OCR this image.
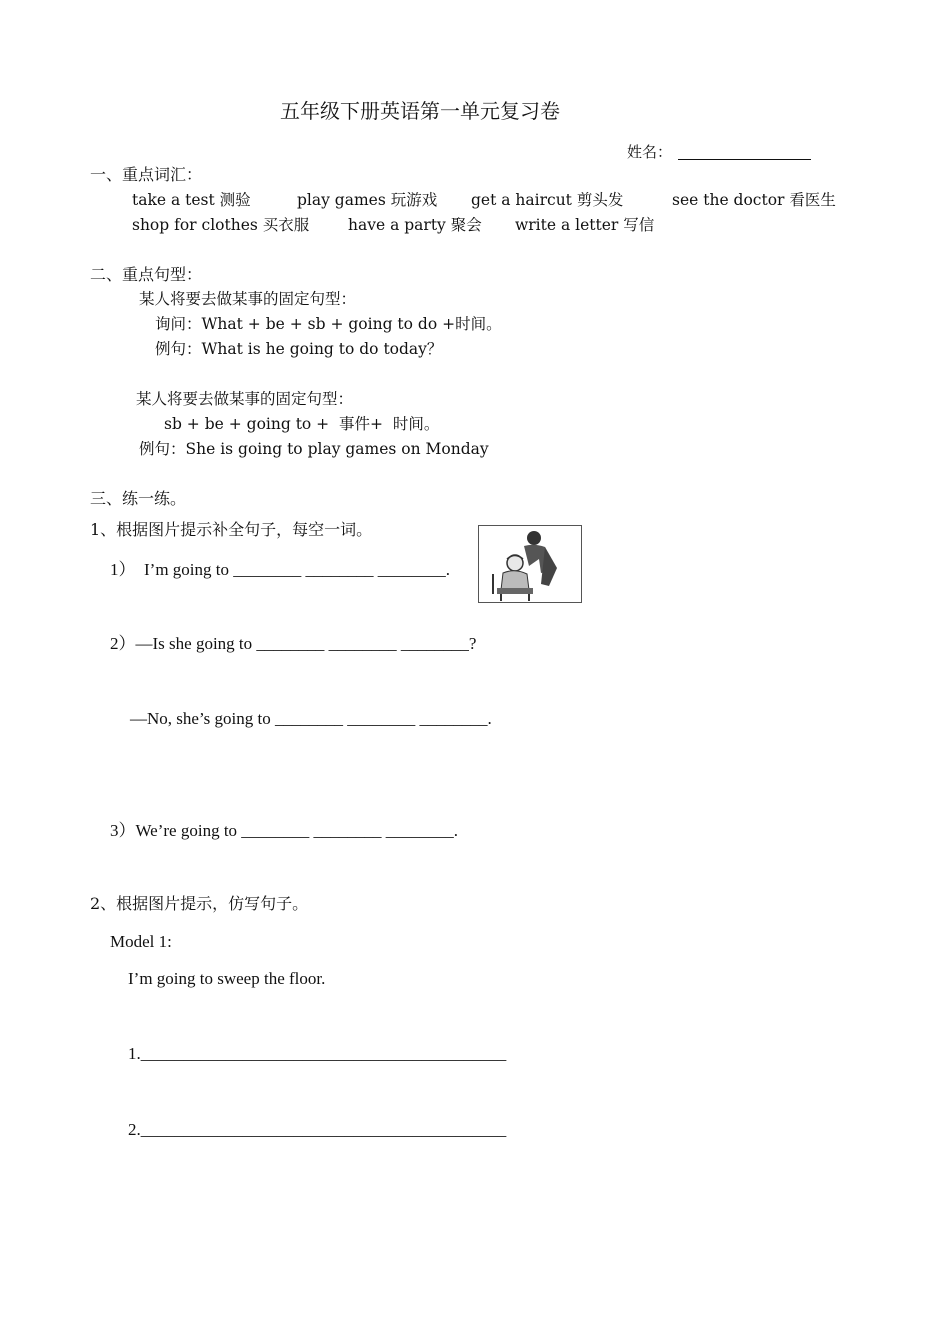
五年级下册英语第一单元复习卷
姓名：
一、重点词汇：
take a test 测验	play games 玩游戏 get a haircut 剪头发	see the doctor 看医生
shop for clothes 买衣服 have a party 聚会 write a letter 写信
二、重点句型：
某人将要去做某事的固定句型：
询问：What + be + sb + going to do +时间。
例句：What is he going to do today？
某人将要去做某事的固定句型：
sb + be + going to +  事件+  时间。
例句：She is going to play games on Monday
三、练一练。
1、根据图片提示补全句子，每空一词。
1）  I’m going to ________ ________ ________.
2）—Is she going to ________ ________ ________?
—No, she’s going to ________ ________ ________.
3）We’re going to ________ ________ ________.
2、根据图片提示，仿写句子。
Model 1:
I’m going to sweep the floor.
1.___________________________________________
2.___________________________________________
